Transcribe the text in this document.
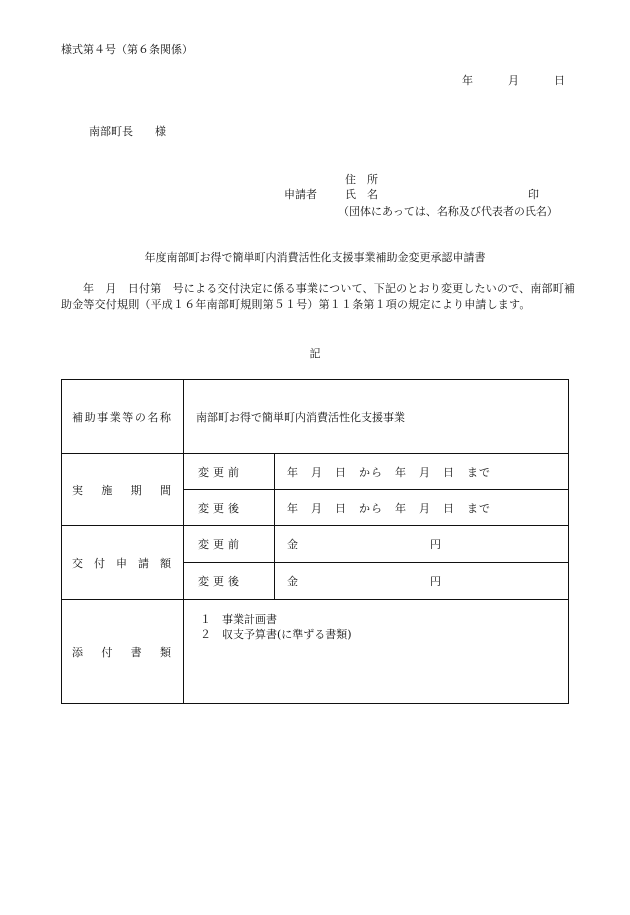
様式第４号（第６条関係）
年	月	日
南部町長　　様
住　所
申請者	氏　名	印
（団体にあっては、名称及び代表者の氏名）
年度南部町お得で簡単町内消費活性化支援事業補助金変更承認申請書
年　月　日付第　号による交付決定に係る事業について、下記のとおり変更したいので、南部町補助金等交付規則（平成１６年南部町規則第５１号）第１１条第１項の規定により申請します。
記
補助事業等の名称	南部町お得で簡単町内消費活性化支援事業	

実　施　期　間	変更前	年　月　日　から　年　月　日　まで
	変更後	年　月　日　から　年　月　日　まで

交　付　申　請　額	変更前	金 円
	変更後	金 円

添　付　書　類	１　事業計画書
２　収支予算書(に準ずる書類)	
